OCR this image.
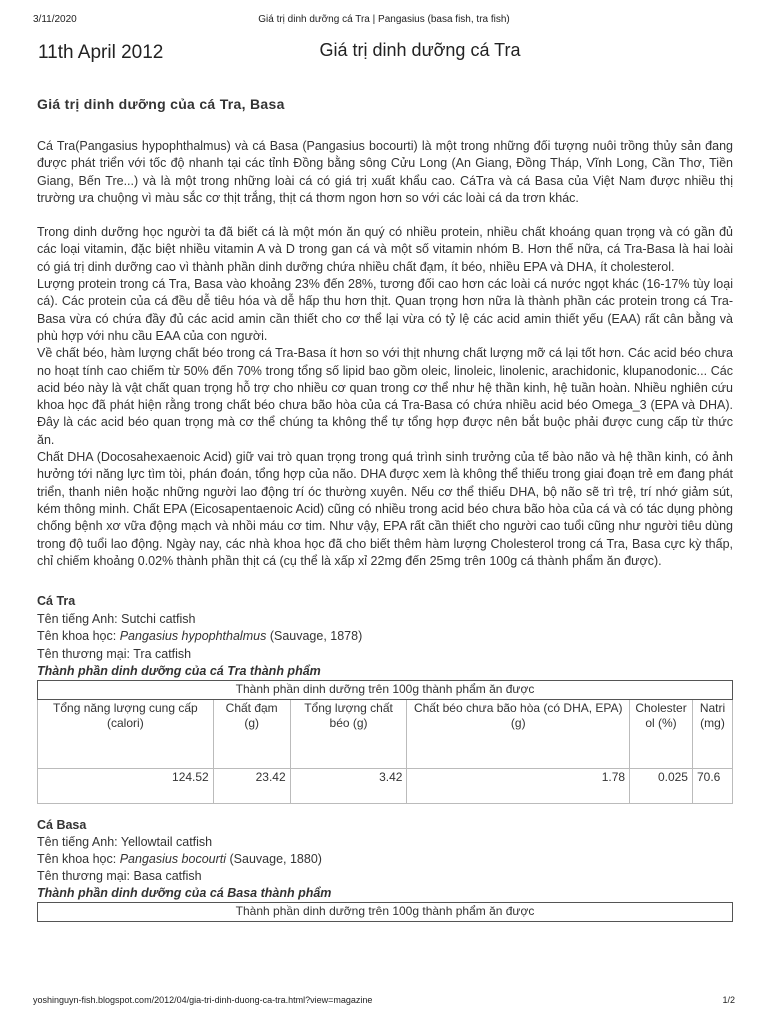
3/11/2020	Giá trị dinh dưỡng cá Tra | Pangasius (basa fish, tra fish)
11th April 2012	Giá trị dinh dưỡng cá Tra
Giá trị dinh dưỡng của cá Tra, Basa

Cá Tra(Pangasius hypophthalmus) và cá Basa (Pangasius bocourti) là một trong những đối tượng nuôi trồng thủy sản đang được phát triển với tốc độ nhanh tại các tỉnh Đồng bằng sông Cửu Long (An Giang, Đồng Tháp, Vĩnh Long, Cần Thơ, Tiền Giang, Bến Tre...) và là một trong những loài cá có giá trị xuất khẩu cao. CáTra và cá Basa của Việt Nam được nhiều thị trường ưa chuộng vì màu sắc cơ thịt trắng, thịt cá thơm ngon hơn so với các loài cá da trơn khác.

Trong dinh dưỡng học người ta đã biết cá là một món ăn quý có nhiều protein, nhiều chất khoáng quan trọng và có gần đủ các loại vitamin, đặc biệt nhiều vitamin A và D trong gan cá và một số vitamin nhóm B. Hơn thế nữa, cá Tra-Basa là hai loài có giá trị dinh dưỡng cao vì thành phần dinh dưỡng chứa nhiều chất đạm, ít béo, nhiều EPA và DHA, ít cholesterol.

Lượng protein trong cá Tra, Basa vào khoảng 23% đến 28%, tương đối cao hơn các loài cá nước ngọt khác (16-17% tùy loại cá). Các protein của cá đều dễ tiêu hóa và dễ hấp thu hơn thịt. Quan trọng hơn nữa là thành phần các protein trong cá Tra-Basa vừa có chứa đầy đủ các acid amin cần thiết cho cơ thể lại vừa có tỷ lệ các acid amin thiết yếu (EAA) rất cân bằng và phù hợp với nhu cầu EAA của con người.

Về chất béo, hàm lượng chất béo trong cá Tra-Basa ít hơn so với thịt nhưng chất lượng mỡ cá lại tốt hơn. Các acid béo chưa no hoạt tính cao chiếm từ 50% đến 70% trong tổng số lipid bao gồm oleic, linoleic, linolenic, arachidonic, klupanodonic... Các acid béo này là vật chất quan trọng hỗ trợ cho nhiều cơ quan trong cơ thể như hệ thần kinh, hệ tuần hoàn. Nhiều nghiên cứu khoa học đã phát hiện rằng trong chất béo chưa bão hòa của cá Tra-Basa có chứa nhiều acid béo Omega_3 (EPA và DHA). Đây là các acid béo quan trọng mà cơ thể chúng ta không thể tự tổng hợp được nên bắt buộc phải được cung cấp từ thức ăn.

Chất DHA (Docosahexaenoic Acid) giữ vai trò quan trọng trong quá trình sinh trưởng của tế bào não và hệ thần kinh, có ảnh hưởng tới năng lực tìm tòi, phán đoán, tổng hợp của não. DHA được xem là không thể thiếu trong giai đoạn trẻ em đang phát triển, thanh niên hoặc những người lao động trí óc thường xuyên. Nếu cơ thể thiếu DHA, bộ não sẽ trì trệ, trí nhớ giảm sút, kém thông minh. Chất EPA (Eicosapentaenoic Acid) cũng có nhiều trong acid béo chưa bão hòa của cá và có tác dụng phòng chống bệnh xơ vữa động mạch và nhồi máu cơ tim. Như vậy, EPA rất cần thiết cho người cao tuổi cũng như người tiêu dùng trong độ tuổi lao động. Ngày nay, các nhà khoa học đã cho biết thêm hàm lượng Cholesterol trong cá Tra, Basa cực kỳ thấp, chỉ chiếm khoảng 0.02% thành phần thịt cá (cụ thể là xấp xỉ 22mg đến 25mg trên 100g cá thành phẩm ăn được).

Cá Tra

Tên tiếng Anh: Sutchi catfish

Tên khoa học: Pangasius hypophthalmus (Sauvage, 1878)

Tên thương mại: Tra catfish

Thành phần dinh dưỡng của cá Tra thành phẩm

Thành phần dinh dưỡng trên 100g thành phẩm ăn được					
Tổng năng lượng cung cấp (calori)	Chất đạm (g)	Tổng lượng chất béo (g)	Chất béo chưa bão hòa (có DHA, EPA) (g)	Cholesterol (%)	Natri (mg)
124.52	23.42	3.42	1.78	0.025	70.6

Cá Basa

Tên tiếng Anh: Yellowtail catfish

Tên khoa học: Pangasius bocourti (Sauvage, 1880)

Tên thương mại: Basa catfish

Thành phần dinh dưỡng của cá Basa thành phẩm

Thành phần dinh dưỡng trên 100g thành phẩm ăn được
yoshinguyn-fish.blogspot.com/2012/04/gia-tri-dinh-duong-ca-tra.html?view=magazine	1/2
